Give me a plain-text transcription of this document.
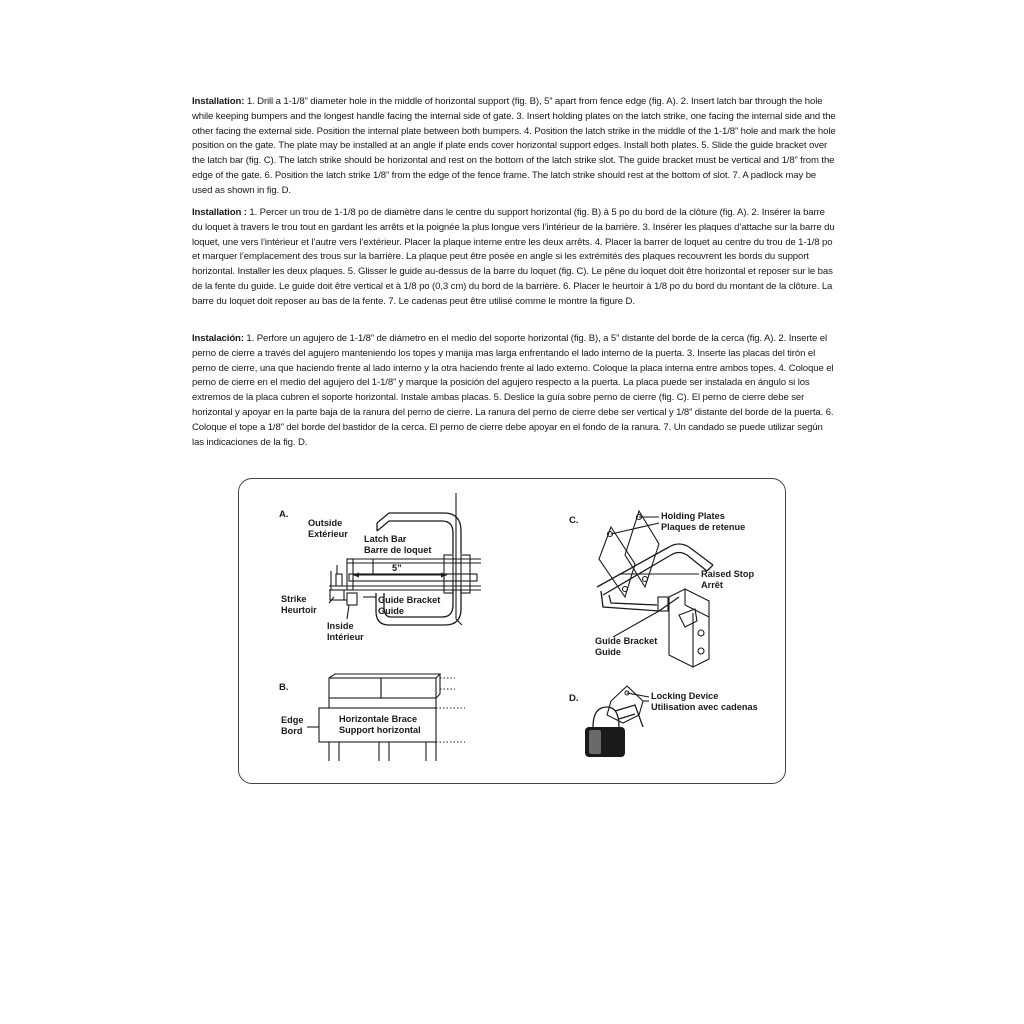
Installation: 1. Drill a 1-1/8” diameter hole in the middle of horizontal support (fig. B), 5” apart from fence edge (fig. A). 2. Insert latch bar through the hole while keeping bumpers and the longest handle facing the internal side of gate. 3. Insert holding plates on the latch strike, one facing the internal side and the other facing the external side. Position the internal plate between both bumpers. 4. Position the latch strike in the middle of the 1-1/8” hole and mark the hole position on the gate. The plate may be installed at an angle if plate ends cover horizontal support edges. Install both plates. 5. Slide the guide bracket over the latch bar (fig. C). The latch strike should be horizontal and rest on the bottom of the latch strike slot. The guide bracket must be vertical and 1/8” from the edge of the gate. 6. Position the latch strike 1/8” from the edge of the fence frame. The latch strike should rest at the bottom of slot. 7. A padlock may be used as shown in fig. D.

Installation : 1. Percer un trou de 1-1/8 po de diamètre dans le centre du support horizontal (fig. B) à 5 po du bord de la clôture (fig. A). 2. Insérer la barre du loquet à travers le trou tout en gardant les arrêts et la poignée la plus longue vers l’intérieur de la barrière. 3. Insérer les plaques d’attache sur la barre du loquet, une vers l’intérieur et l’autre vers l’extérieur. Placer la plaque interne entre les deux arrêts. 4. Placer la barrer de loquet au centre du trou de 1-1/8 po et marquer l’emplacement des trous sur la barrière. La plaque peut être posée en angle si les extrémités des plaques recouvrent les bords du support horizontal. Installer les deux plaques. 5. Glisser le guide au-dessus de la barre du loquet (fig. C). Le pêne du loquet doit être horizontal et reposer sur le bas de la fente du guide. Le guide doit être vertical et à 1/8 po (0,3 cm) du bord de la barrière. 6. Placer le heurtoir à 1/8 po du bord du montant de la clôture. La barre du loquet doit reposer au bas de la fente. 7. Le cadenas peut être utilisé comme le montre la figure D.

Instalación: 1. Perfore un agujero de 1-1/8” de diámetro en el medio del soporte horizontal (fig. B), a 5” distante del borde de la cerca (fig. A). 2. Inserte el perno de cierre a través del agujero manteniendo los topes y manija mas larga enfrentando el lado interno de la puerta. 3. Inserte las placas del tirón el perno de cierre, una que haciendo frente al lado interno y la otra haciendo frente al lado externo. Coloque la placa interna entre ambos topes. 4. Coloque el perno de cierre en el medio del agujero del 1-1/8” y marque la posición del agujero respecto a la puerta. La placa puede ser instalada en ángulo si los extremos de la placa cubren el soporte horizontal. Instale ambas placas. 5. Deslice la guía sobre perno de cierre (fig. C). El perno de cierre debe ser horizontal y apoyar en la parte baja de la ranura del perno de cierre. La ranura del perno de cierre debe ser vertical y 1/8” distante del borde de la puerta. 6. Coloque el tope a 1/8” del borde del bastidor de la cerca. El perno de cierre debe apoyar en el fondo de la ranura. 7. Un candado se puede utilizar según las indicaciones de la fig. D.

A.
Outside
Extérieur Latch Bar
Barre de loquet
5”
Strike
Heurtoir
Guide Bracket
Guide
Inside
Intérieur
B.
Edge
Bord
Horizontale Brace
Support horizontal
C.	Holding Plates
Plaques de retenue
Raised Stop
Arrêt
Guide Bracket
Guide
D.	Locking Device
Utilisation avec cadenas
